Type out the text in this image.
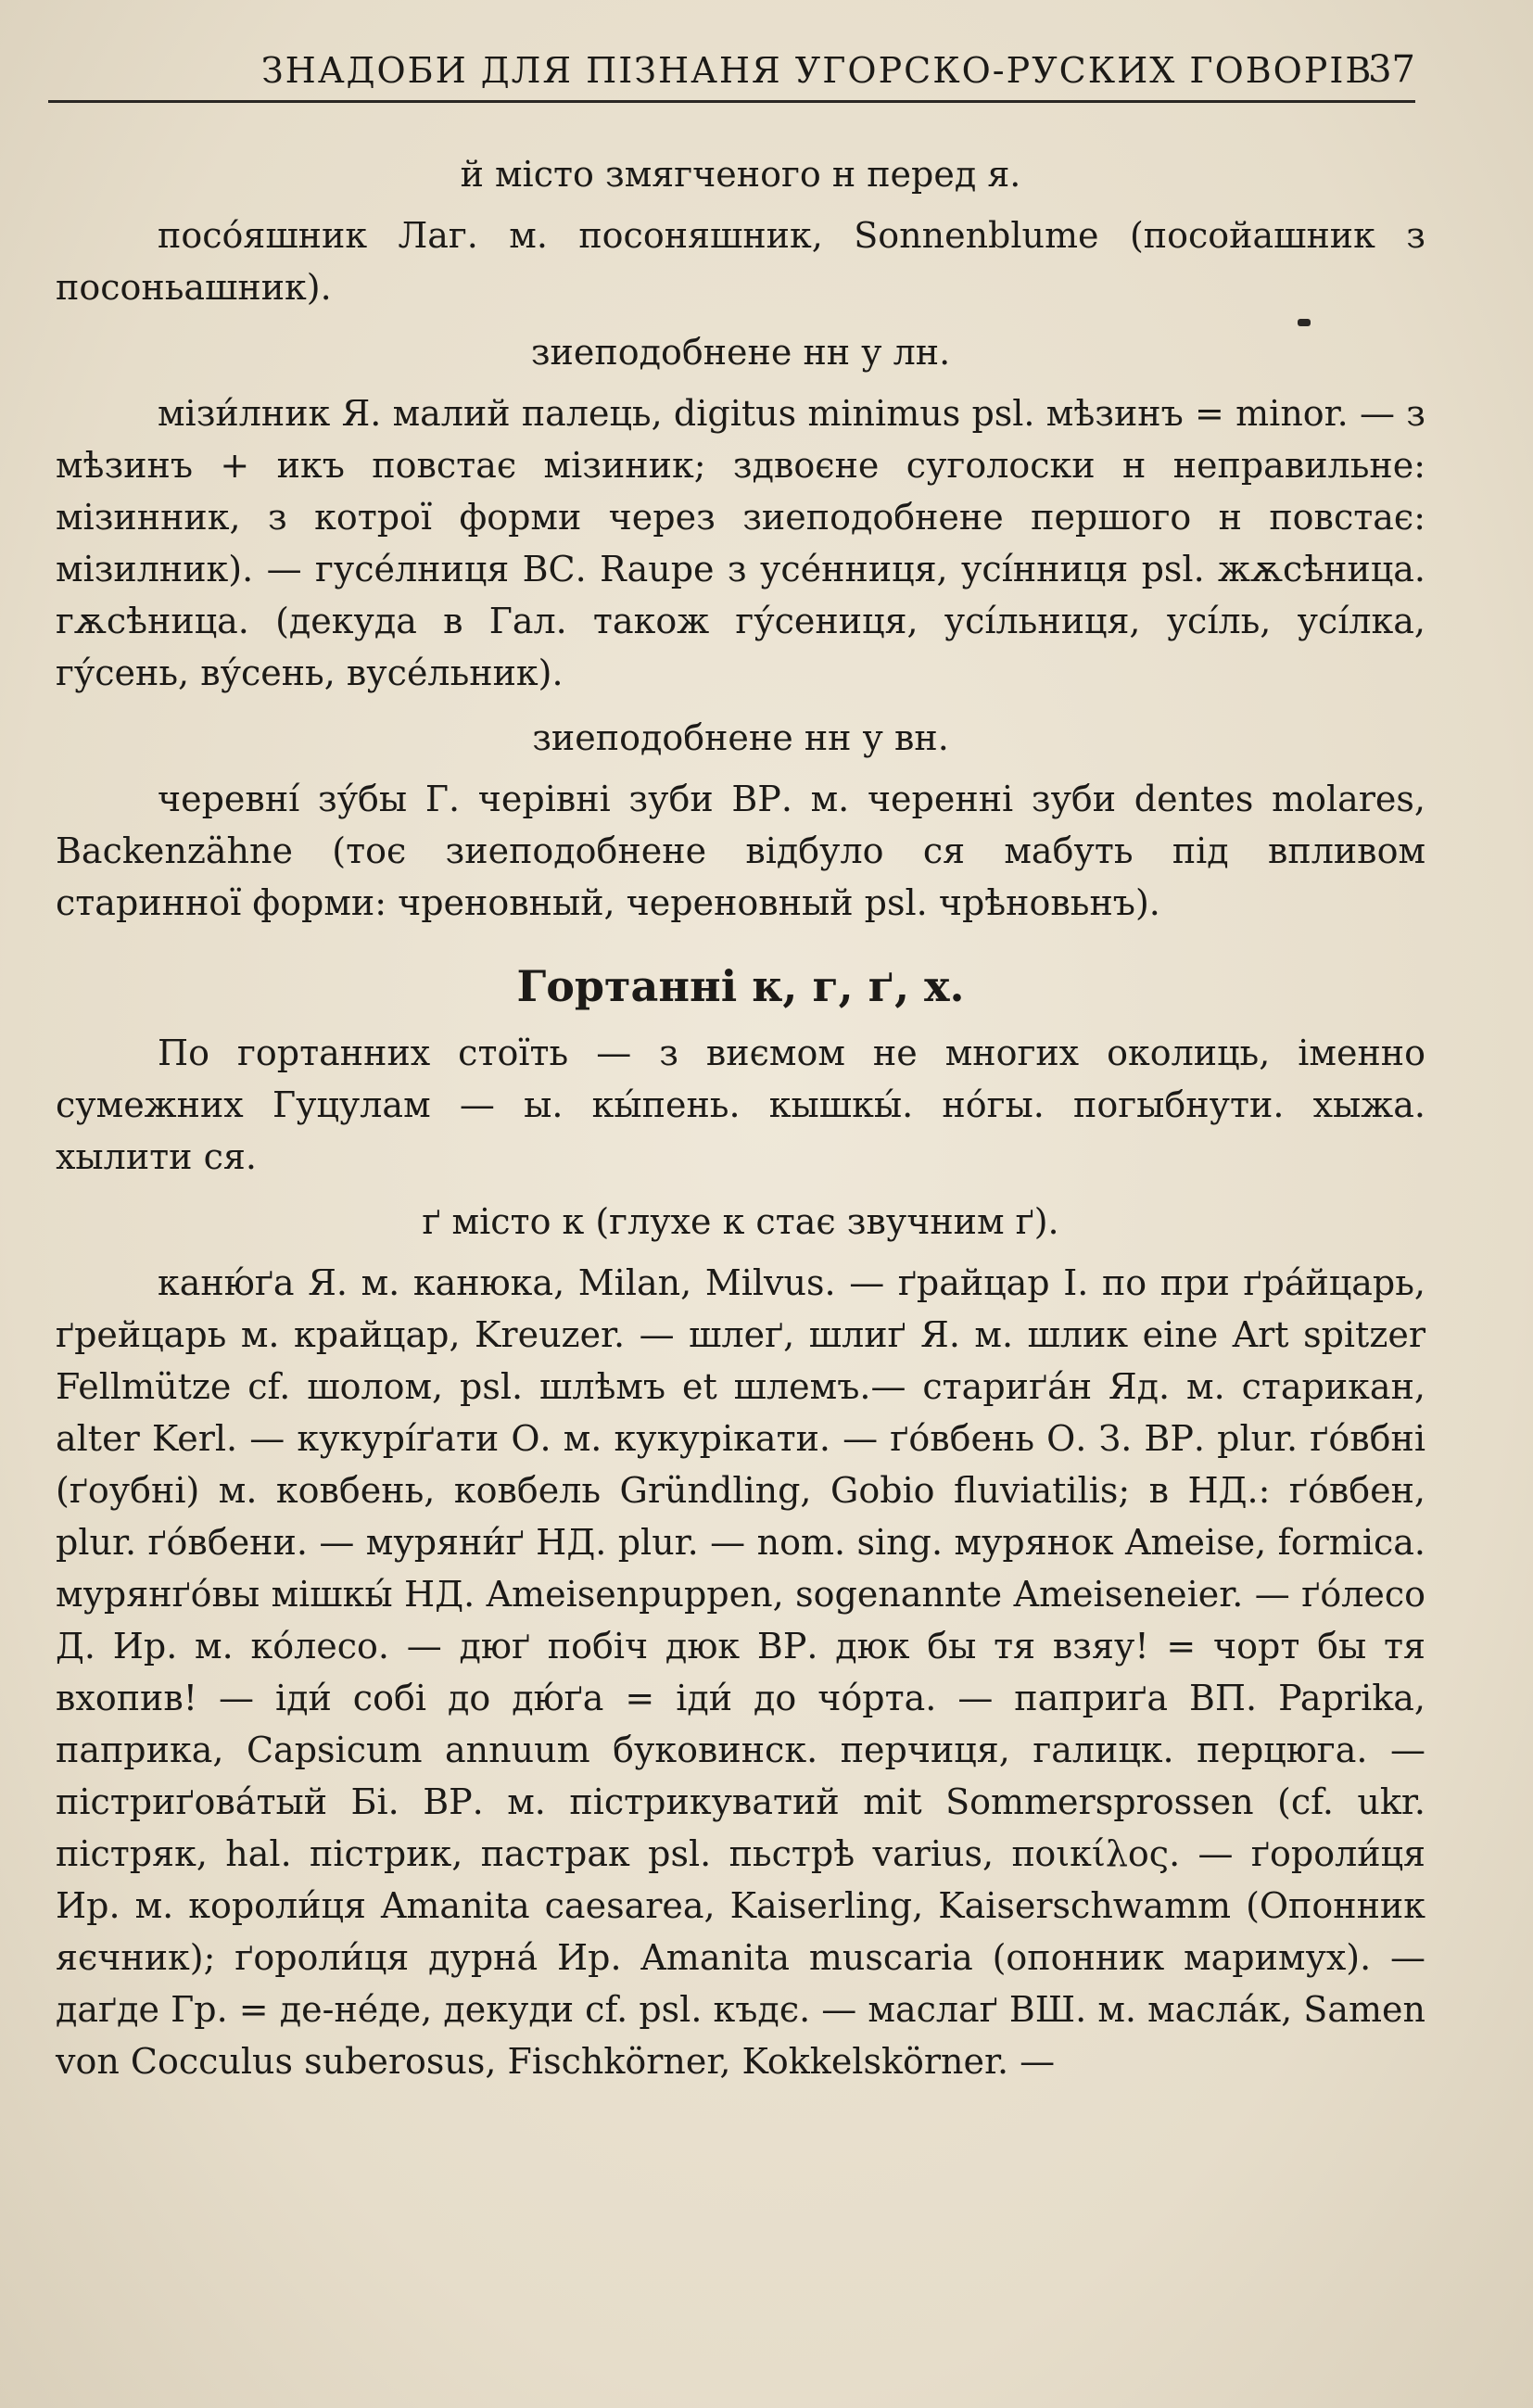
ЗНАДОБИ ДЛЯ ПІЗНАНЯ УГОРСКО-РУСКИХ ГОВОРІВ
37
й місто змягченого н перед я.

посо́яшник Лаг. м. посоняшник, Sonnenblume (посойашник з посоньашник).

зиеподобнене нн у лн.

мізи́лник Я. малий палець, digitus minimus psl. мѣзинъ = minor. — з мѣзинъ + икъ повстає мізиник; здвоєне суголоски н неправильне: мізинник, з котрої форми через зиеподобнене першого н повстає: мізилник). — гусе́лниця ВС. Raupe з усе́нниця, усі́нниця psl. жѫсѣница. гѫсѣница. (декуда в Гал. також гу́сениця, усі́льниця, усі́ль, усі́лка, гу́сень, ву́сень, вусе́льник).

зиеподобнене нн у вн.

черевні́ зу́бы Г. черівні зуби ВР. м. черенні зуби dentes molares, Backenzähne (тоє зиеподобнене відбуло ся мабуть під впливом старинної форми: чреновный, череновный psl. чрѣновьнъ).

Гортанні к, г, ґ, х.

По гортанних стоїть — з виємом не многих околиць, іменно сумежних Гуцулам — ы. кы́пень. кышкы́. но́гы. погыбнути. хыжа. хылити ся.

ґ місто к (глухе к стає звучним ґ).

каню́ґа Я. м. канюка, Milan, Milvus. — ґрайцар І. по при ґра́йцарь, ґрейцарь м. крайцар, Kreuzer. — шлеґ, шлиґ Я. м. шлик eine Art spitzer Fellmütze cf. шолом, psl. шлѣмъ et шлемъ.— стариґа́н Яд. м. старикан, alter Kerl. — кукурі́ґати О. м. кукурікати. — ґо́вбень О. З. ВР. plur. ґо́вбні (ґоубні) м. ковбень, ковбель Gründling, Gobio fluviatilis; в НД.: ґо́вбен, plur. ґо́вбени. — муряни́ґ НД. plur. — nom. sing. мурянок Ameise, formica. мурянґо́вы мішкы́ НД. Ameisenpuppen, sogenannte Ameiseneier. — ґо́лесо Д. Ир. м. ко́лесо. — дюґ побіч дюк ВР. дюк бы тя взяу! = чорт бы тя вхопив! — іди́ собі до дю́ґа = іди́ до чо́рта. — паприґа ВП. Paprika, паприка, Capsicum annuum буковинск. перчиця, галицк. перцюга. — пістриґова́тый Бі. ВР. м. пістрикуватий mit Sommersprossen (cf. ukr. пістряк, hal. пістрик, пастрак psl. пьстрѣ varius, ποικίλος. — ґороли́ця Ир. м. короли́ця Amanita caesarea, Kaiserling, Kaiserschwamm (Опонник яєчник); ґороли́ця дурна́ Ир. Amanita muscaria (опонник маримух). — даґде Гр. = де-не́де, декуди cf. psl. къдє. — маслаґ ВШ. м. масла́к, Samen von Cocculus suberosus, Fischkörner, Kokkelskörner. —
